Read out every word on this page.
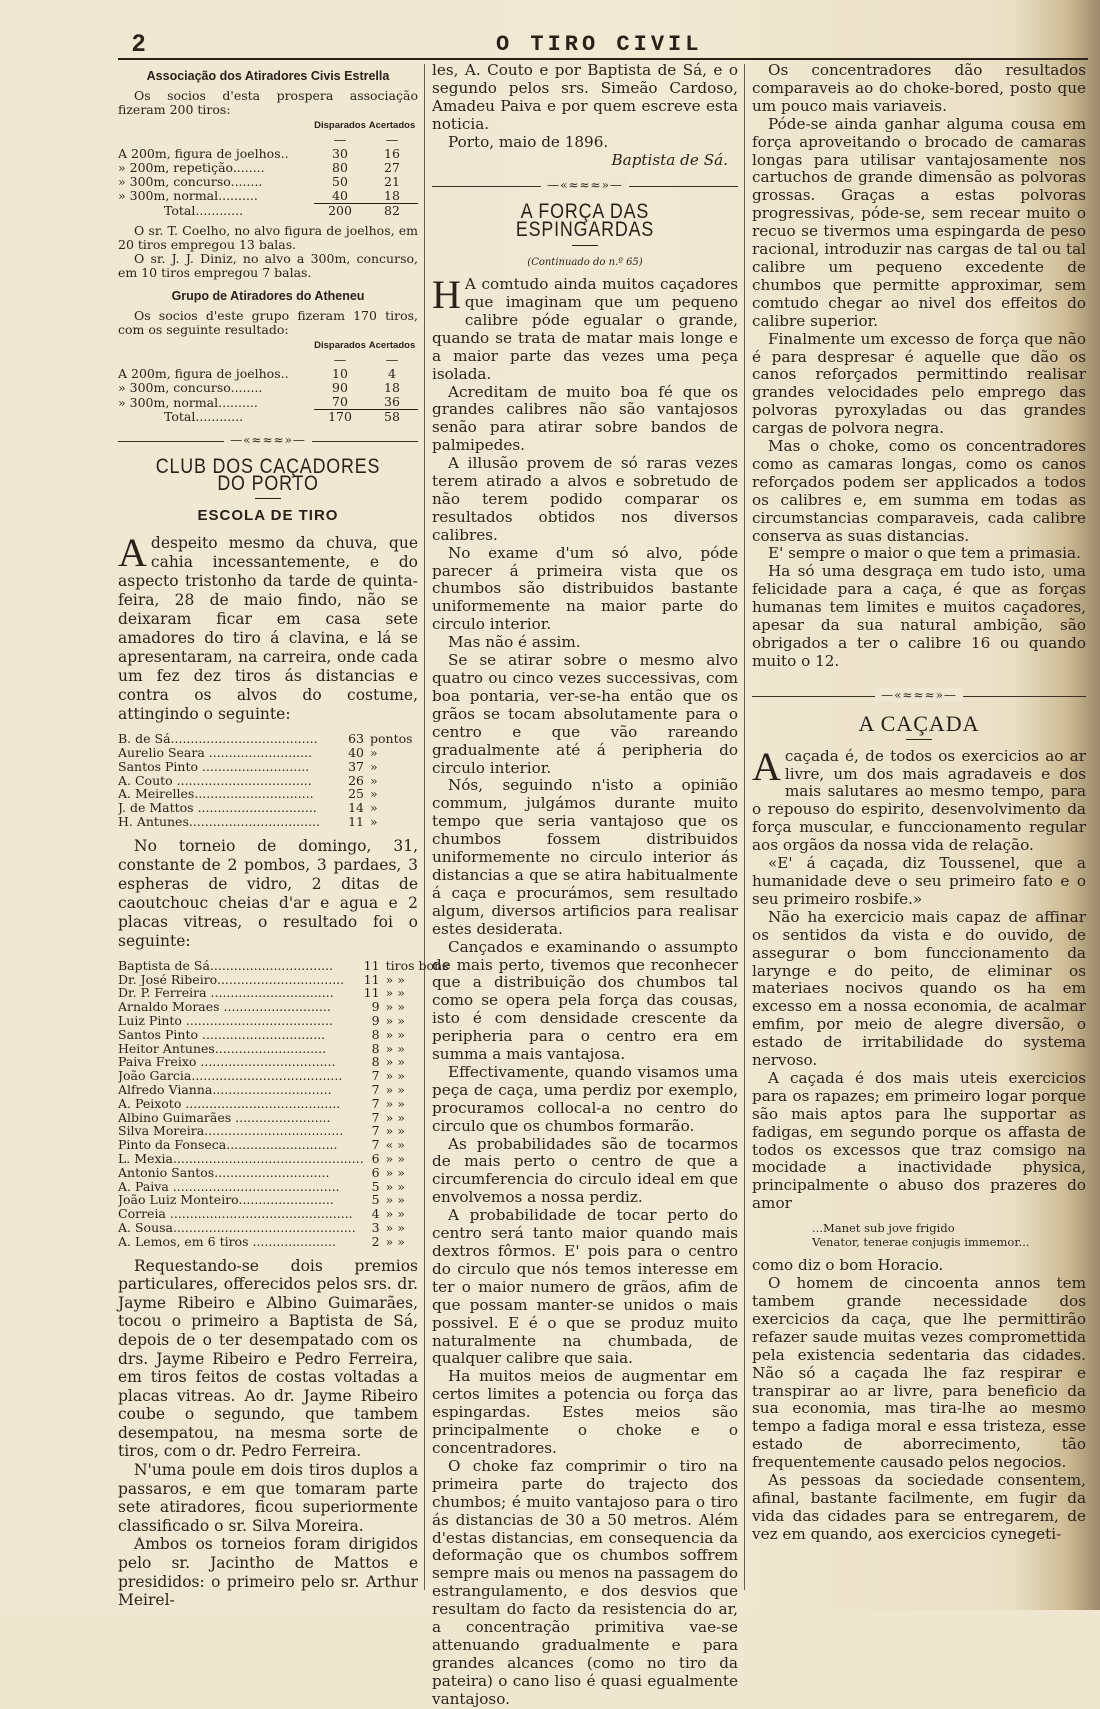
2	O TIRO CIVIL
Associação dos Atiradores Civis Estrella

Os socios d'esta prospera associação fizeram 200 tiros:

	Disparados	Acertados
	—	—
A 200m, figura de joelhos..	30	16
» 200m, repetição........	80	27
» 300m, concurso........	50	21
» 300m, normal..........	40	18
Total............	200	82

O sr. T. Coelho, no alvo figura de joelhos, em 20 tiros empregou 13 balas.

O sr. J. J. Diniz, no alvo a 300m, concurso, em 10 tiros empregou 7 balas.

Grupo de Atiradores do Atheneu

Os socios d'este grupo fizeram 170 tiros, com os seguinte resultado:

	Disparados	Acertados
	—	—
A 200m, figura de joelhos..	10	4
» 300m, concurso........	90	18
» 300m, normal..........	70	36
Total............	170	58
—«≈≈≈»—
CLUB DOS CAÇADORES DO PORTO
ESCOLA DE TIRO

Adespeito mesmo da chuva, que cahia incessantemente, e do aspecto tristonho da tarde de quinta-feira, 28 de maio findo, não se deixaram ficar em casa sete amadores do tiro á clavina, e lá se apresentaram, na carreira, onde cada um fez dez tiros ás distancias e contra os alvos do costume, attingindo o seguinte:

B. de Sá.....................................	63	pontos
Aurelio Seara ..........................	40	»
Santos Pinto ...........................	37	»
A. Couto ..................................	26	»
A. Meirelles..............................	25	»
J. de Mattos ..............................	14	»
H. Antunes.................................	11	»

No torneio de domingo, 31, constante de 2 pombos, 3 pardaes, 3 espheras de vidro, 2 ditas de caoutchouc cheias d'ar e agua e 2 placas vitreas, o resultado foi o seguinte:

Baptista de Sá...............................	11	tiros bons
Dr. José Ribeiro................................	11	» »
Dr. P. Ferreira ...............................	11	» »
Arnaldo Moraes ...........................	9	» »
Luiz Pinto .....................................	9	» »
Santos Pinto ...............................	8	» »
Heitor Antunes............................	8	» »
Paiva Freixo ..................................	8	» »
João Garcia......................................	7	» »
Alfredo Vianna..............................	7	» »
A. Peixoto .......................................	7	» »
Albino Guimarães ........................	7	» »
Silva Moreira...................................	7	» »
Pinto da Fonseca............................	7	« »
L. Mexia................................................	6	» »
Antonio Santos.............................	6	» »
A. Paiva ..........................................	5	» »
João Luiz Monteiro........................	5	» »
Correia ..............................................	4	» »
A. Sousa..............................................	3	» »
A. Lemos, em 6 tiros .....................	2	» »

Requestando-se dois premios particulares, offerecidos pelos srs. dr. Jayme Ribeiro e Albino Guimarães, tocou o primeiro a Baptista de Sá, depois de o ter desempatado com os drs. Jayme Ribeiro e Pedro Ferreira, em tiros feitos de costas voltadas a placas vitreas. Ao dr. Jayme Ribeiro coube o segundo, que tambem desempatou, na mesma sorte de tiros, com o dr. Pedro Ferreira.

N'uma poule em dois tiros duplos a passaros, e em que tomaram parte sete atiradores, ficou superiormente classificado o sr. Silva Moreira.

Ambos os torneios foram dirigidos pelo sr. Jacintho de Mattos e presididos: o primeiro pelo sr. Arthur Meirel-

les, A. Couto e por Baptista de Sá, e o segundo pelos srs. Simeão Cardoso, Amadeu Paiva e por quem escreve esta noticia.

Porto, maio de 1896.

Baptista de Sá.
—«≈≈≈»—
A FORÇA DAS ESPINGARDAS
(Continuado do n.º 65)

H A comtudo ainda muitos caçadores que imaginam que um pequeno calibre póde egualar o grande, quando se trata de matar mais longe e a maior parte das vezes uma peça isolada.

Acreditam de muito boa fé que os grandes calibres não são vantajosos senão para atirar sobre bandos de palmipedes.

A illusão provem de só raras vezes terem atirado a alvos e sobretudo de não terem podido comparar os resultados obtidos nos diversos calibres.

No exame d'um só alvo, póde parecer á primeira vista que os chumbos são distribuidos bastante uniformemente na maior parte do circulo interior.

Mas não é assim.

Se se atirar sobre o mesmo alvo quatro ou cinco vezes successivas, com boa pontaria, ver-se-ha então que os grãos se tocam absolutamente para o centro e que vão rareando gradualmente até á peripheria do circulo interior.

Nós, seguindo n'isto a opinião commum, julgámos durante muito tempo que seria vantajoso que os chumbos fossem distribuidos uniformemente no circulo interior ás distancias a que se atira habitualmente á caça e procurámos, sem resultado algum, diversos artificios para realisar estes desiderata.

Cançados e examinando o assumpto de mais perto, tivemos que reconhecer que a distribuição dos chumbos tal como se opera pela força das cousas, isto é com densidade crescente da peripheria para o centro era em summa a mais vantajosa.

Effectivamente, quando visamos uma peça de caça, uma perdiz por exemplo, procuramos collocal-a no centro do circulo que os chumbos formarão.

As probabilidades são de tocarmos de mais perto o centro de que a circumferencia do circulo ideal em que envolvemos a nossa perdiz.

A probabilidade de tocar perto do centro será tanto maior quando mais dextros fôrmos. E' pois para o centro do circulo que nós temos interesse em ter o maior numero de grãos, afim de que possam manter-se unidos o mais possivel. E é o que se produz muito naturalmente na chumbada, de qualquer calibre que saia.

Ha muitos meios de augmentar em certos limites a potencia ou força das espingardas. Estes meios são principalmente o choke e o concentradores.

O choke faz comprimir o tiro na primeira parte do trajecto dos chumbos; é muito vantajoso para o tiro ás distancias de 30 a 50 metros. Além d'estas distancias, em consequencia da deformação que os chumbos soffrem sempre mais ou menos na passagem do estrangulamento, e dos desvios que resultam do facto da resistencia do ar, a concentração primitiva vae-se attenuando gradualmente e para grandes alcances (como no tiro da pateira) o cano liso é quasi egualmente vantajoso.

Os concentradores dão resultados comparaveis ao do choke-bored, posto que um pouco mais variaveis.

Póde-se ainda ganhar alguma cousa em força aproveitando o brocado de camaras longas para utilisar vantajosamente nos cartuchos de grande dimensão as polvoras grossas. Graças a estas polvoras progressivas, póde-se, sem recear muito o recuo se tivermos uma espingarda de peso racional, introduzir nas cargas de tal ou tal calibre um pequeno excedente de chumbos que permitte approximar, sem comtudo chegar ao nivel dos effeitos do calibre superior.

Finalmente um excesso de força que não é para despresar é aquelle que dão os canos reforçados permittindo realisar grandes velocidades pelo emprego das polvoras pyroxyladas ou das grandes cargas de polvora negra.

Mas o choke, como os concentradores como as camaras longas, como os canos reforçados podem ser applicados a todos os calibres e, em summa em todas as circumstancias comparaveis, cada calibre conserva as suas distancias.

E' sempre o maior o que tem a primasia.

Ha só uma desgraça em tudo isto, uma felicidade para a caça, é que as forças humanas tem limites e muitos caçadores, apesar da sua natural ambição, são obrigados a ter o calibre 16 ou quando muito o 12.

—«≈≈≈»—
A CAÇADA

Acaçada é, de todos os exercicios ao ar livre, um dos mais agradaveis e dos mais salutares ao mesmo tempo, para o repouso do espirito, desenvolvimento da força muscular, e funccionamento regular aos orgãos da nossa vida de relação.

«E' á caçada, diz Toussenel, que a humanidade deve o seu primeiro fato e o seu primeiro rosbife.»

Não ha exercicio mais capaz de affinar os sentidos da vista e do ouvido, de assegurar o bom funccionamento da larynge e do peito, de eliminar os materiaes nocivos quando os ha em excesso em a nossa economia, de acalmar emfim, por meio de alegre diversão, o estado de irritabilidade do systema nervoso.

A caçada é dos mais uteis exercicios para os rapazes; em primeiro logar porque são mais aptos para lhe supportar as fadigas, em segundo porque os affasta de todos os excessos que traz comsigo na mocidade a inactividade physica, principalmente o abuso dos prazeres do amor

...Manet sub jove frigido
Venator, tenerae conjugis immemor...

como diz o bom Horacio.

O homem de cincoenta annos tem tambem grande necessidade dos exercicios da caça, que lhe permittirão refazer saude muitas vezes compromettida pela existencia sedentaria das cidades. Não só a caçada lhe faz respirar e transpirar ao ar livre, para beneficio da sua economia, mas tira-lhe ao mesmo tempo a fadiga moral e essa tristeza, esse estado de aborrecimento, tão frequentemente causado pelos negocios.

As pessoas da sociedade consentem, afinal, bastante facilmente, em fugir da vida das cidades para se entregarem, de vez em quando, aos exercicios cynegeti-
